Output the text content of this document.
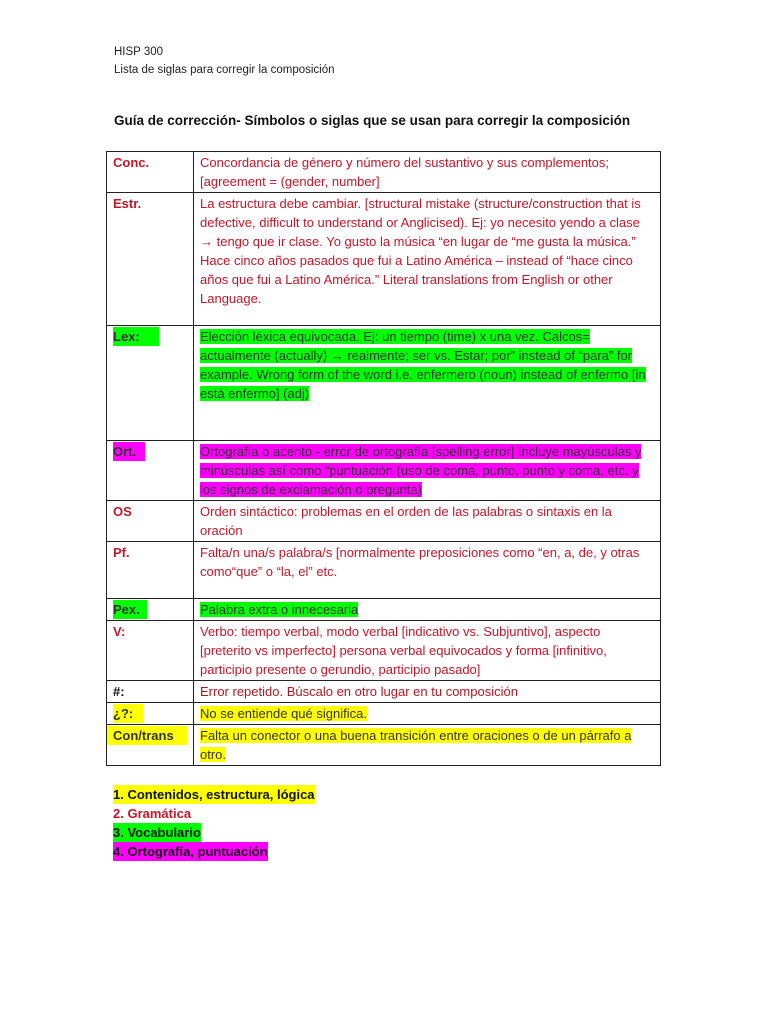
HISP 300
Lista de siglas para corregir la composición
Guía de corrección- Símbolos o siglas que se usan para corregir la composición
Conc.	Concordancia de género y número del sustantivo y sus complementos; [agreement = (gender, number]
Estr.	La estructura debe cambiar. [structural mistake (structure/construction that is defective, difficult to understand or Anglicised). Ej: yo necesito yendo a clase → tengo que ir clase. Yo gusto la música “en lugar de “me gusta la música.” Hace cinco años pasados que fui a Latino América – instead of “hace cinco años que fui a Latino América.” Literal translations from English or other Language.
Lex:	Elección léxica equivocada. Ej: un tiempo (time) x una vez. Calcos= actualmente (actually) → realmente; ser vs. Estar; por” instead of “para” for example. Wrong form of the word i.e. enfermero (noun) instead of enfermo [in está enfermo] (adj)
Ort.	Ortografía o acento - error de ortografía [spelling error] Incluye mayúsculas y minúsculas así como “puntuación (uso de coma, punto, punto y coma, etc. y los signos de exclamación o pregunta)
OS	Orden sintáctico: problemas en el orden de las palabras o sintaxis en la oración
Pf.	Falta/n una/s palabra/s [normalmente preposiciones como “en, a, de, y otras como“que” o “la, el” etc.
Pex.	Palabra extra o innecesaria
V:	Verbo: tiempo verbal, modo verbal [indicativo vs. Subjuntivo], aspecto [preterito vs imperfecto] persona verbal equivocados y forma [infinitivo, participio presente o gerundio, participio pasado]
#:	Error repetido. Búscalo en otro lugar en tu composición
¿?:	No se entiende qué significa.
Con/trans	Falta un conector o una buena transición entre oraciones o de un párrafo a otro.
1. Contenidos, estructura, lógica
2. Gramática
3. Vocabulario
4. Ortografía, puntuación
